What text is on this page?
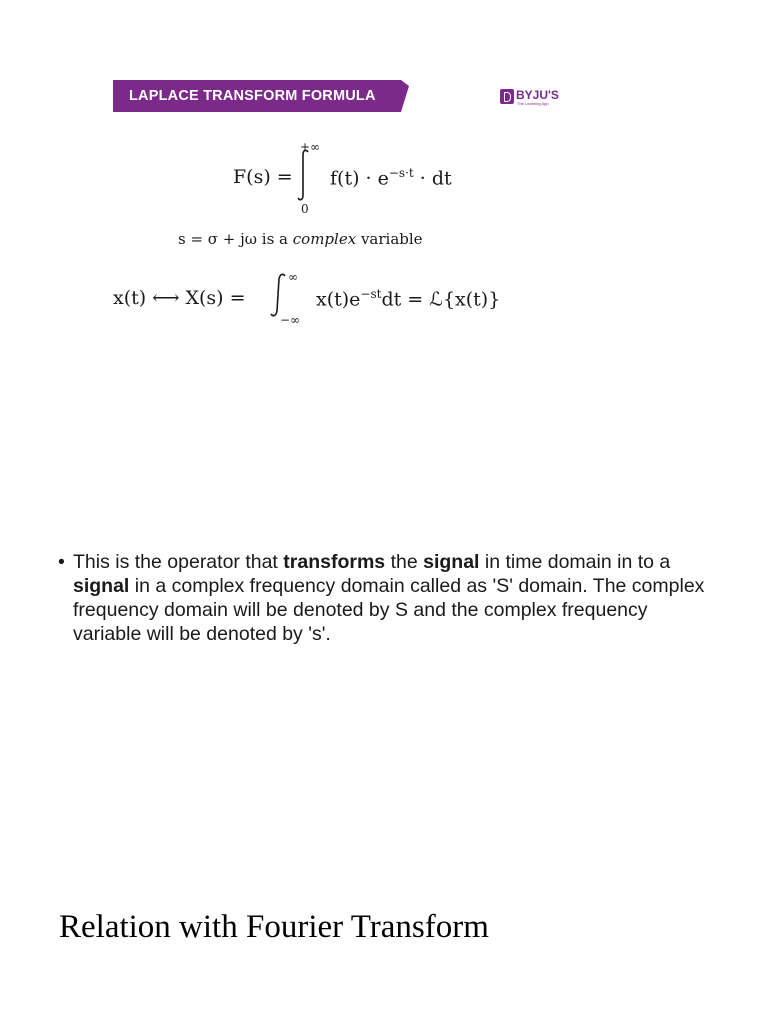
LAPLACE TRANSFORM FORMULA	BYJU'S
The Learning App
F(s) =
+∞
0
$f(t) \cdot e^{-s\cdot t}$ · dt
s = σ + jω is a complex variable
x(t) ⟷ X(s) =
∞
−∞
$x(t)e^{-st}dt$ = ℒ{x(t)}
• This is the operator that transforms the signal in time domain in to a signal in a complex frequency domain called as 'S' domain. The complex frequency domain will be denoted by S and the complex frequency variable will be denoted by 's'.
Relation with Fourier Transform
